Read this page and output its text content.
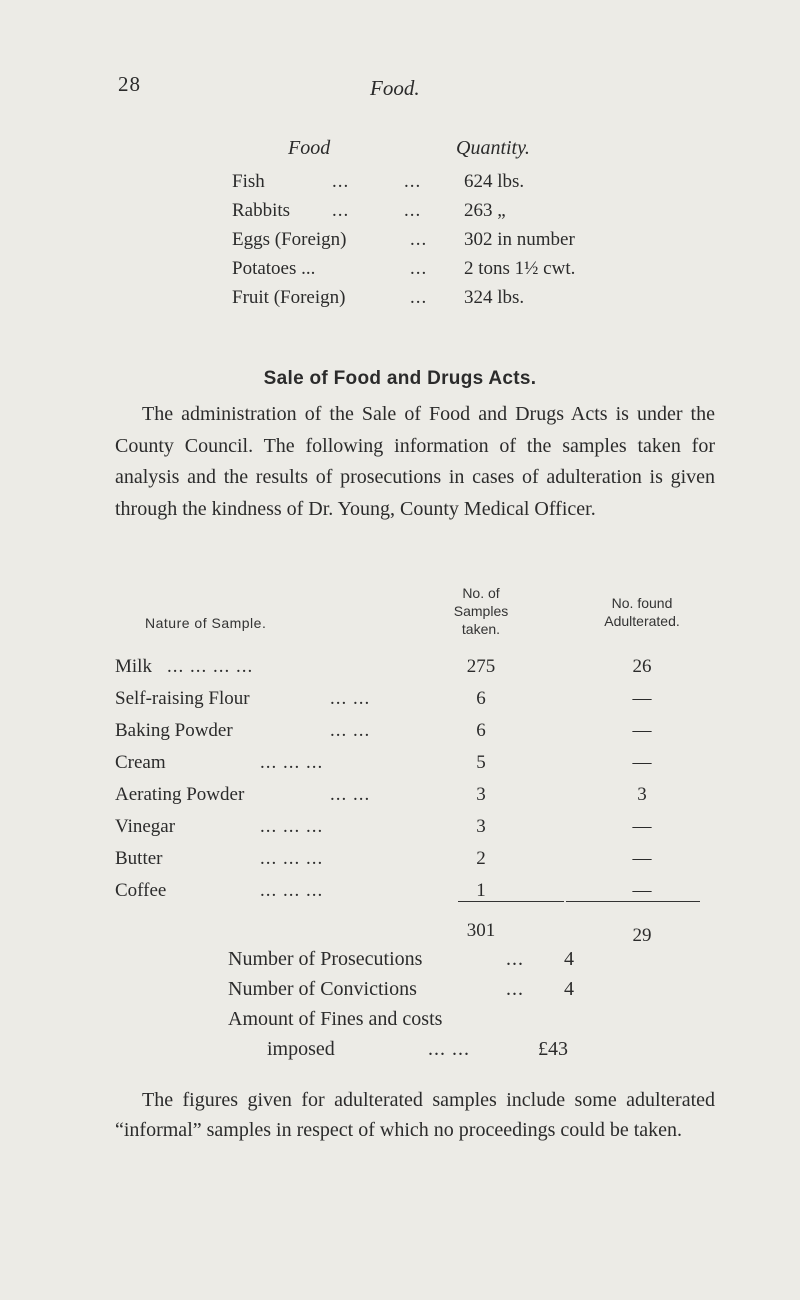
28	Food.
Food	Quantity.
Fish	...	... 624 lbs.
Rabbits ...	... 263 „
Eggs (Foreign)	... 302 in number
Potatoes ...	... 2 tons 1½ cwt.
Fruit (Foreign)	... 324 lbs.
Sale of Food and Drugs Acts.

The administration of the Sale of Food and Drugs Acts is under the County Council. The following information of the samples taken for analysis and the results of prosecutions in cases of adulteration is given through the kindness of Dr. Young, County Medical Officer.

Nature of Sample.
No. of Samples taken.
No. found Adulterated.
Milk ... ... ... ...	275	26
Self-raising Flour	... ...	6	—
Baking Powder	... ...	6	—
Cream	... ... ...	5	—
Aerating Powder	... ...	3	3
Vinegar	... ... ...	3	—
Butter	... ... ...	2	—
Coffee	... ... ...	1	—
301	29
Number of Prosecutions	... 4
Number of Convictions	... 4
Amount of Fines and costs
imposed	... ...	£43

The figures given for adulterated samples include some adulterated “informal” samples in respect of which no proceedings could be taken.
